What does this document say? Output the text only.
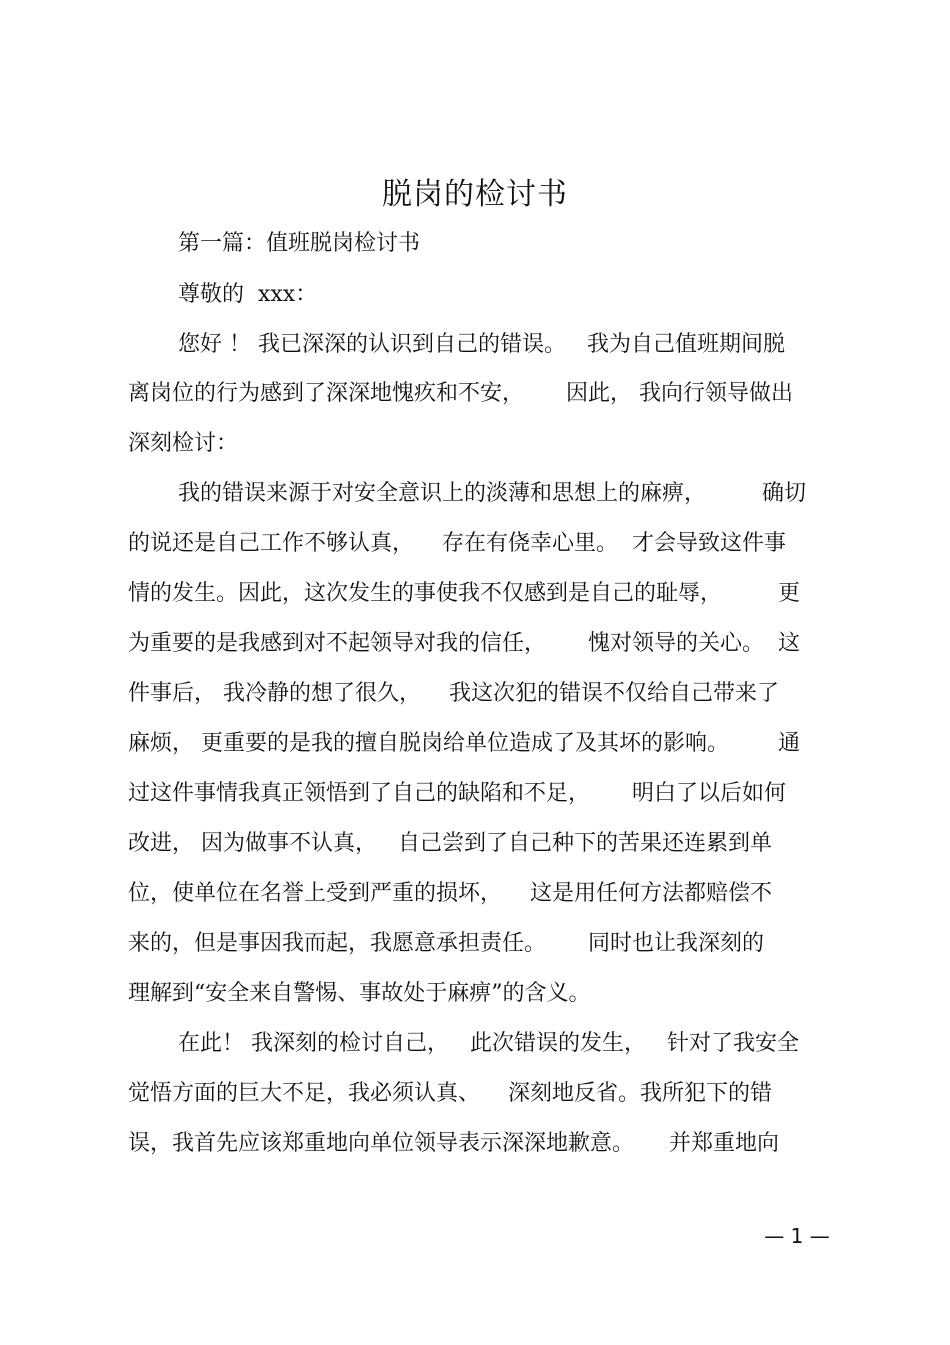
脱岗的检讨书
第一篇：值班脱岗检讨书
尊敬的  xxx：
您好 ！ 我已深深的认识到自己的错误。   我为自己值班期间脱
离岗位的行为感到了深深地愧疚和不安，      因此， 我向行领导做出
深刻检讨：
我的错误来源于对安全意识上的淡薄和思想上的麻痹，        确切
的说还是自己工作不够认真，    存在有侥幸心里。  才会导致这件事
情的发生。因此，这次发生的事使我不仅感到是自己的耻辱，        更
为重要的是我感到对不起领导对我的信任，      愧对领导的关心。  这
件事后， 我冷静的想了很久，    我这次犯的错误不仅给自己带来了
麻烦， 更重要的是我的擅自脱岗给单位造成了及其坏的影响。       通
过这件事情我真正领悟到了自己的缺陷和不足，      明白了以后如何
改进， 因为做事不认真，   自己尝到了自己种下的苦果还连累到单
位，使单位在名誉上受到严重的损坏，    这是用任何方法都赔偿不
来的，但是事因我而起，我愿意承担责任。      同时也让我深刻的
理解到“安全来自警惕、事故处于麻痹”的含义。
在此！ 我深刻的检讨自己，   此次错误的发生，   针对了我安全
觉悟方面的巨大不足，我必须认真、    深刻地反省。我所犯下的错
误，我首先应该郑重地向单位领导表示深深地歉意。     并郑重地向
— 1 —
